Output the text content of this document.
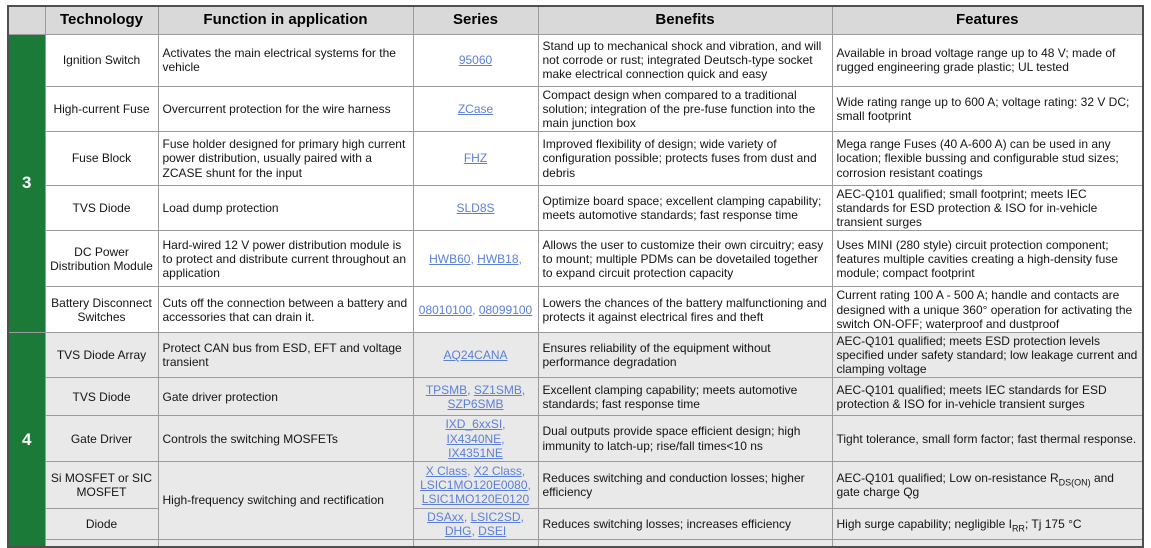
	Technology	Function in application	Series	Benefits	Features
3	Ignition Switch	Activates the main electrical systems for the vehicle	95060	Stand up to mechanical shock and vibration, and will not corrode or rust; integrated Deutsch-type socket make electrical connection quick and easy	Available in broad voltage range up to 48 V; made of rugged engineering grade plastic; UL tested
	High-current Fuse	Overcurrent protection for the wire harness	ZCase	Compact design when compared to a traditional solution; integration of the pre-fuse function into the main junction box	Wide rating range up to 600 A; voltage rating: 32 V DC; small footprint
	Fuse Block	Fuse holder designed for primary high current power distribution, usually paired with a ZCASE shunt for the input	FHZ	Improved flexibility of design; wide variety of configuration possible; protects fuses from dust and debris	Mega range Fuses (40 A-600 A) can be used in any location; flexible bussing and configurable stud sizes; corrosion resistant coatings
	TVS Diode	Load dump protection	SLD8S	Optimize board space; excellent clamping capability; meets automotive standards; fast response time	AEC-Q101 qualified; small footprint; meets IEC standards for ESD protection & ISO for in-vehicle transient surges
	DC Power Distribution Module	Hard-wired 12 V power distribution module is to protect and distribute current throughout an application	HWB60 , HWB18 ,	Allows the user to customize their own circuitry; easy to mount; multiple PDMs can be dovetailed together to expand circuit protection capacity	Uses MINI (280 style) circuit protection component; features multiple cavities creating a high-density fuse module; compact footprint
	Battery Disconnect Switches	Cuts off the connection between a battery and accessories that can drain it.	08010100 , 08099100	Lowers the chances of the battery malfunctioning and protects it against electrical fires and theft	Current rating 100 A - 500 A; handle and contacts are designed with a unique 360° operation for activating the switch ON-OFF; waterproof and dustproof
4	TVS Diode Array	Protect CAN bus from ESD, EFT and voltage transient	AQ24CANA	Ensures reliability of the equipment without performance degradation	AEC-Q101 qualified; meets ESD protection levels specified under safety standard; low leakage current and clamping voltage
	TVS Diode	Gate driver protection	TPSMB , SZ1SMB , SZP6SMB	Excellent clamping capability; meets automotive standards; fast response time	AEC-Q101 qualified; meets IEC standards for ESD protection & ISO for in-vehicle transient surges
	Gate Driver	Controls the switching MOSFETs	IXD_6xxSI , IX4340NE , IX4351NE	Dual outputs provide space efficient design; high immunity to latch-up; rise/fall times<10 ns	Tight tolerance, small form factor; fast thermal response.
	Si MOSFET or SIC MOSFET	High-frequency switching and rectification	X Class , X2 Class , LSIC1MO120E0080 , LSIC1MO120E0120	Reduces switching and conduction losses; higher efficiency	AEC-Q101 qualified; Low on-resistance $R_{DS(ON)}$ and gate charge Qg
	Diode		DSAxx , LSIC2SD , DHG , DSEI	Reduces switching losses; increases efficiency	High surge capability; negligible $I_{RR}$; Tj 175 °C
